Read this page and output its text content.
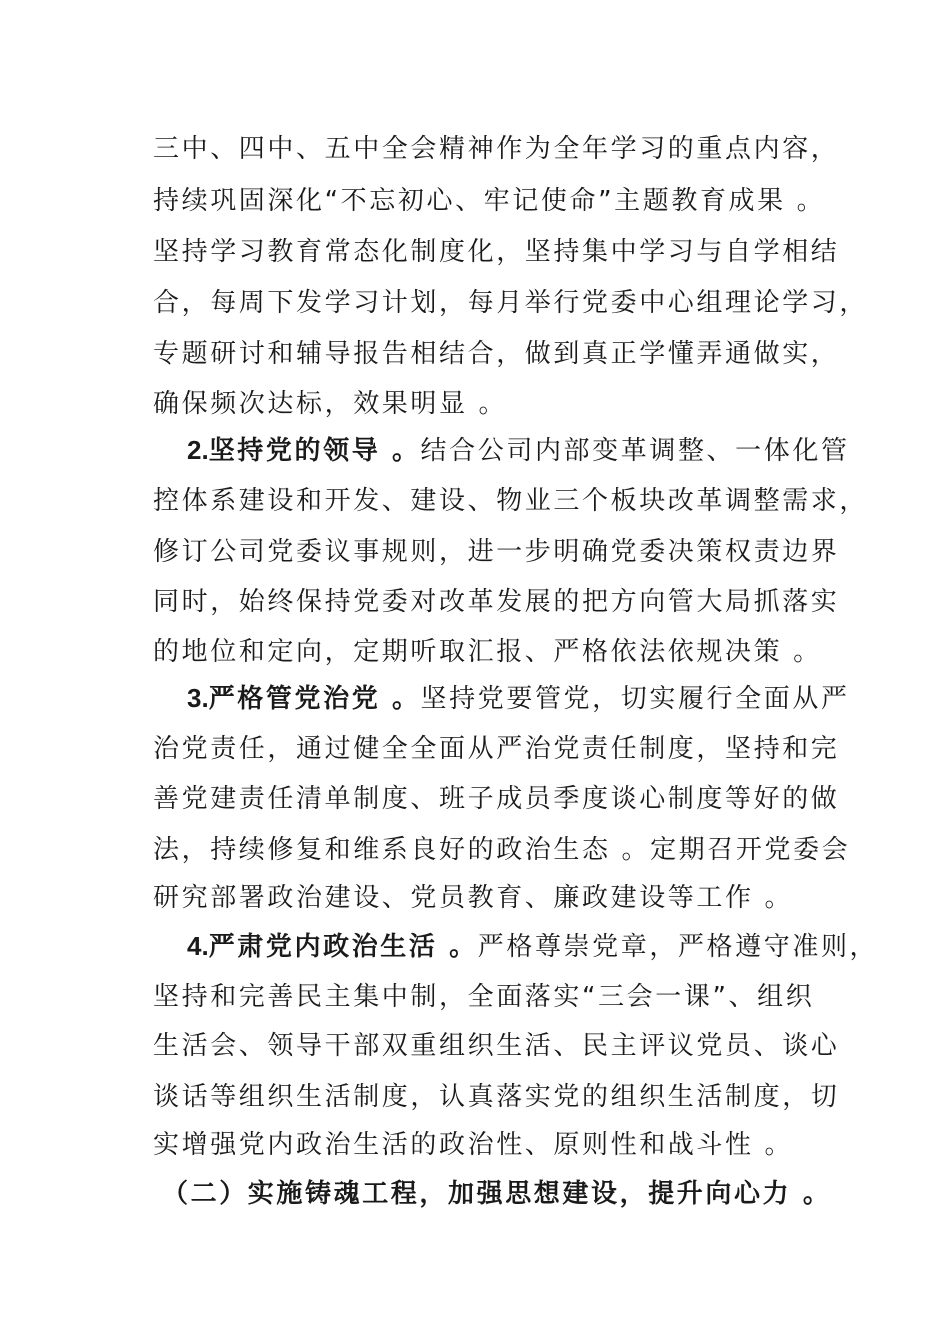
三中、四中、五中全会精神作为全年学习的重点内容，
持续巩固深化“不忘初心、牢记使命”主题教育成果 。
坚持学习教育常态化制度化，坚持集中学习与自学相结
合，每周下发学习计划，每月举行党委中心组理论学习，
专题研讨和辅导报告相结合，做到真正学懂弄通做实，
确保频次达标，效果明显 。
2.坚持党的领导 。结合公司内部变革调整、一体化管
控体系建设和开发、建设、物业三个板块改革调整需求，
修订公司党委议事规则，进一步明确党委决策权责边界
同时，始终保持党委对改革发展的把方向管大局抓落实
的地位和定向，定期听取汇报、严格依法依规决策 。
3.严格管党治党 。坚持党要管党，切实履行全面从严
治党责任，通过健全全面从严治党责任制度，坚持和完
善党建责任清单制度、班子成员季度谈心制度等好的做
法，持续修复和维系良好的政治生态 。定期召开党委会
研究部署政治建设、党员教育、廉政建设等工作 。
4.严肃党内政治生活 。严格尊崇党章，严格遵守准则，
坚持和完善民主集中制，全面落实“三会一课”、组织
生活会、领导干部双重组织生活、民主评议党员、谈心
谈话等组织生活制度，认真落实党的组织生活制度，切
实增强党内政治生活的政治性、原则性和战斗性 。
（二）实施铸魂工程，加强思想建设，提升向心力 。
